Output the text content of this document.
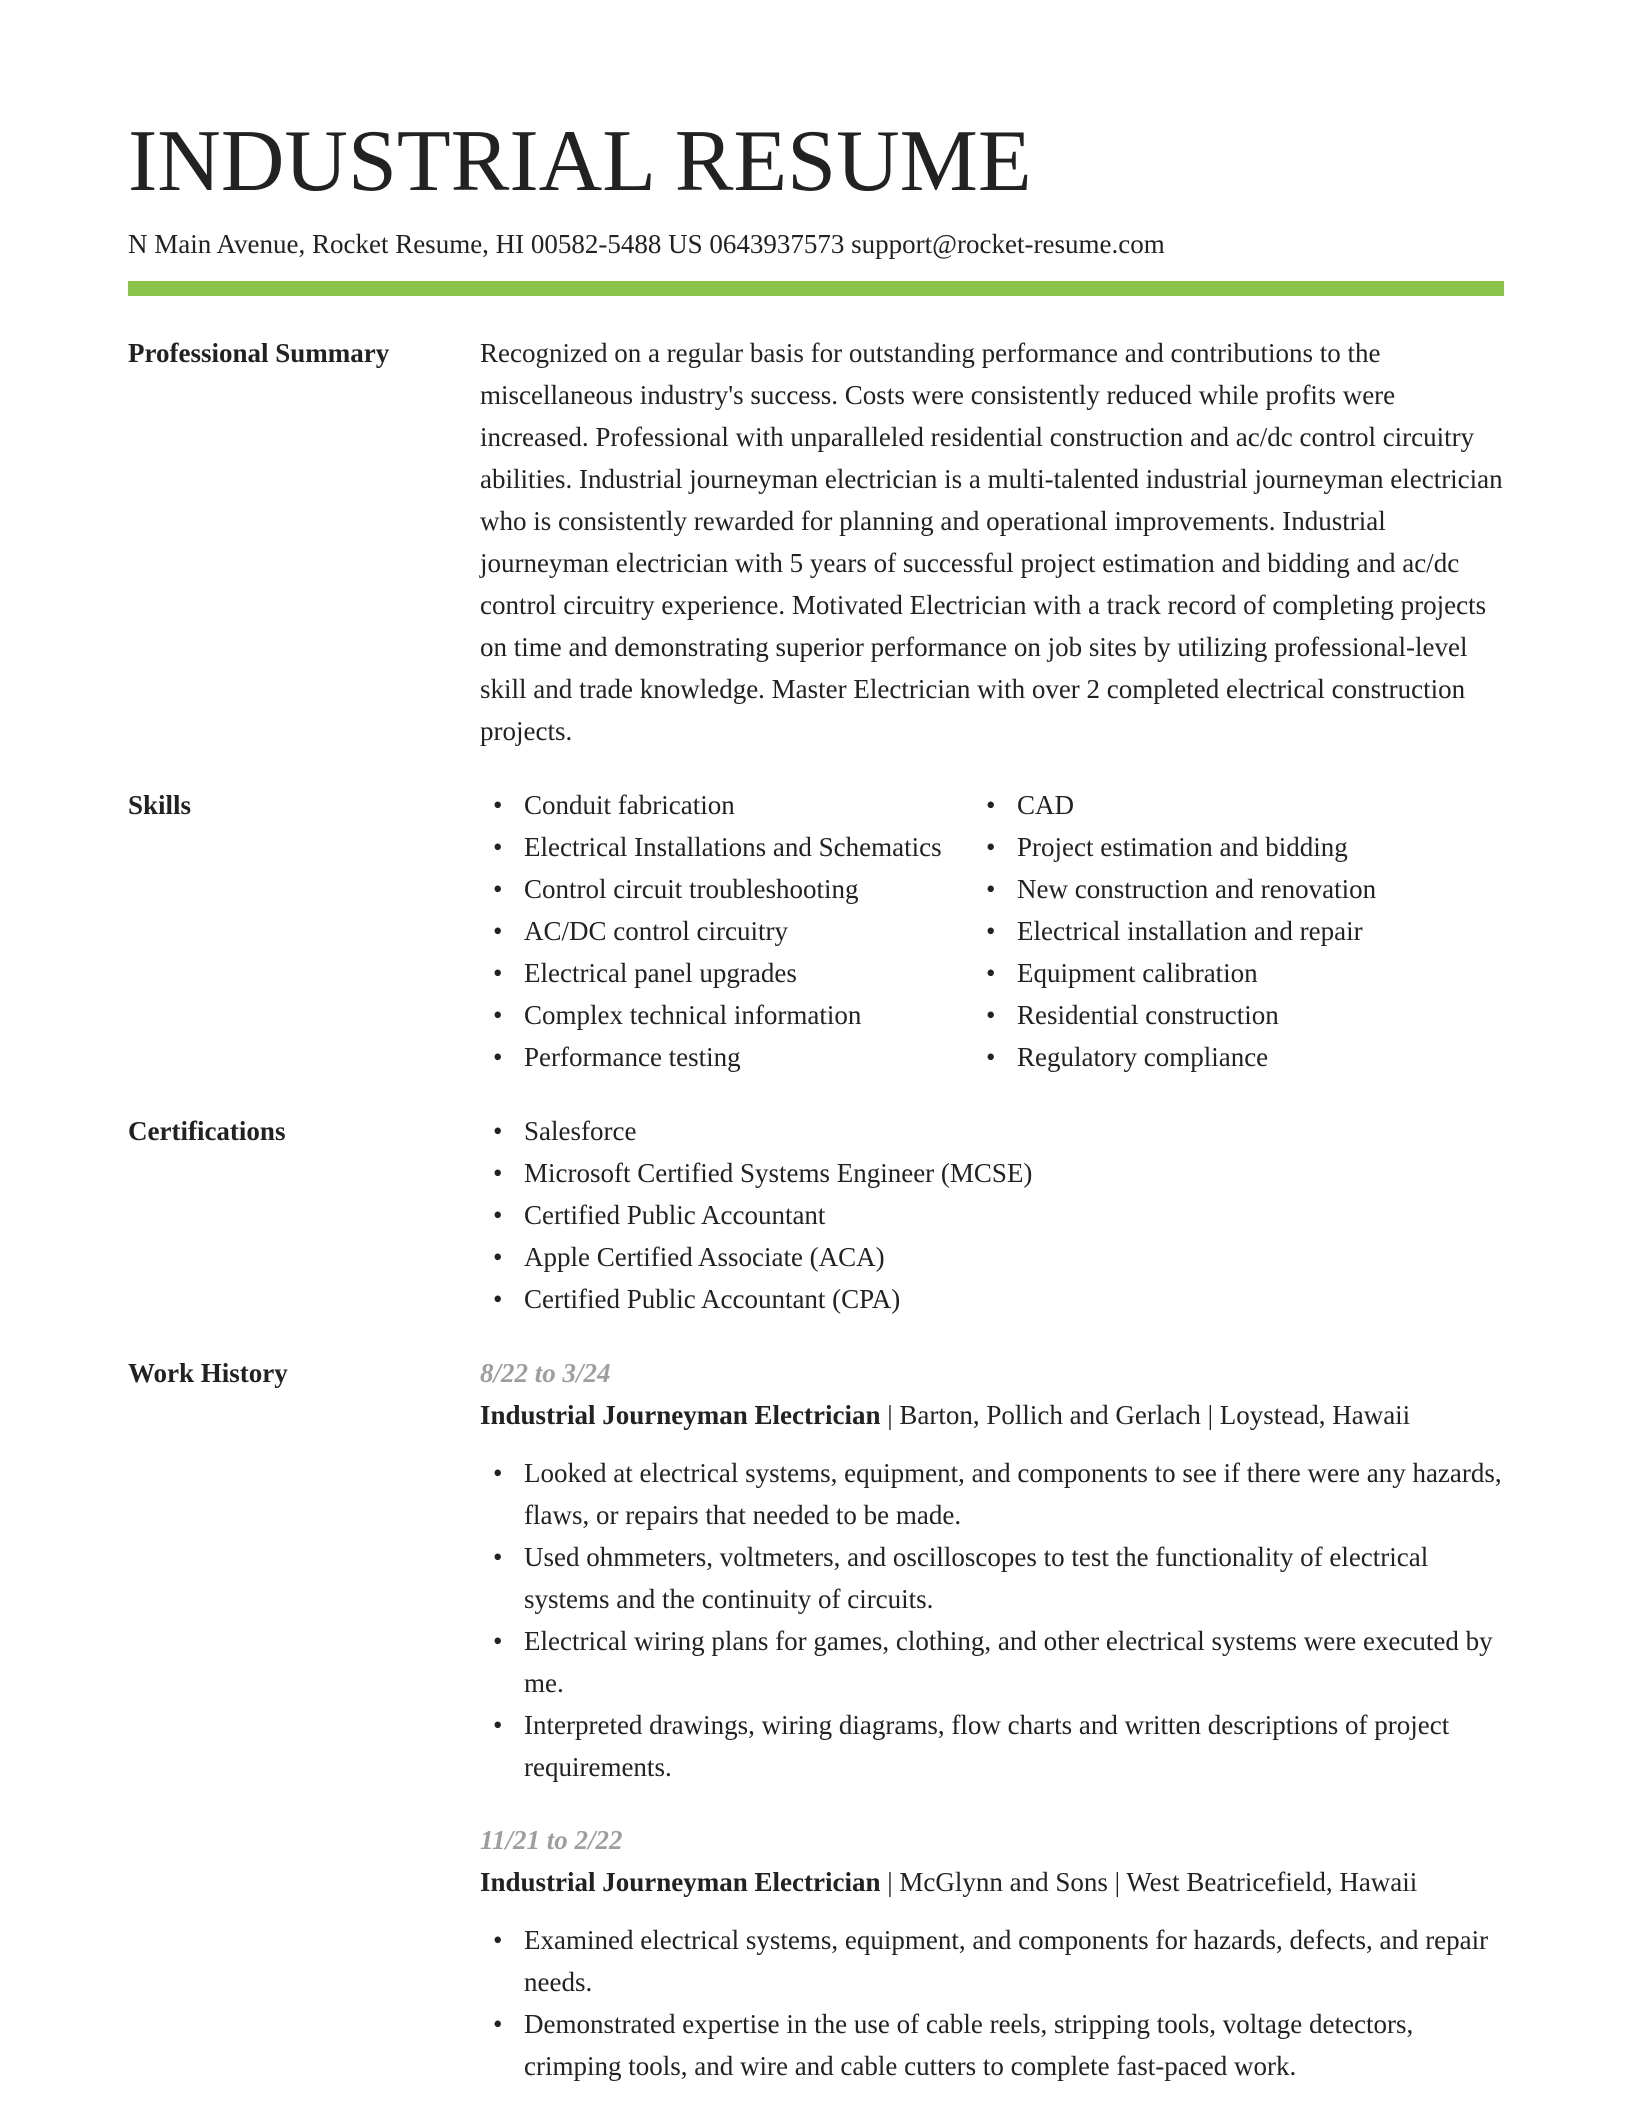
INDUSTRIAL RESUME
N Main Avenue, Rocket Resume, HI 00582-5488 US 0643937573 support@rocket-resume.com
Professional Summary	Recognized on a regular basis for outstanding performance and contributions to the miscellaneous industry's success. Costs were consistently reduced while profits were increased. Professional with unparalleled residential construction and ac/dc control circuitry abilities. Industrial journeyman electrician is a multi-talented industrial journeyman electrician who is consistently rewarded for planning and operational improvements. Industrial journeyman electrician with 5 years of successful project estimation and bidding and ac/dc control circuitry experience. Motivated Electrician with a track record of completing projects on time and demonstrating superior performance on job sites by utilizing professional-level skill and trade knowledge. Master Electrician with over 2 completed electrical construction projects.

Skills	• Conduit fabrication
• Electrical Installations and Schematics
• Control circuit troubleshooting
• AC/DC control circuitry
• Electrical panel upgrades
• Complex technical information
• Performance testing
• CAD
• Project estimation and bidding
• New construction and renovation
• Electrical installation and repair
• Equipment calibration
• Residential construction
• Regulatory compliance
Certifications	• Salesforce
• Microsoft Certified Systems Engineer (MCSE)
• Certified Public Accountant
• Apple Certified Associate (ACA)
• Certified Public Accountant (CPA)
Work History	8/22 to 3/24
Industrial Journeyman Electrician | Barton, Pollich and Gerlach | Loystead, Hawaii
• Looked at electrical systems, equipment, and components to see if there were any hazards, flaws, or repairs that needed to be made.
• Used ohmmeters, voltmeters, and oscilloscopes to test the functionality of electrical systems and the continuity of circuits.
• Electrical wiring plans for games, clothing, and other electrical systems were executed by me.
• Interpreted drawings, wiring diagrams, flow charts and written descriptions of project requirements.
11/21 to 2/22
Industrial Journeyman Electrician | McGlynn and Sons | West Beatricefield, Hawaii
• Examined electrical systems, equipment, and components for hazards, defects, and repair needs.
• Demonstrated expertise in the use of cable reels, stripping tools, voltage detectors, crimping tools, and wire and cable cutters to complete fast-paced work.
